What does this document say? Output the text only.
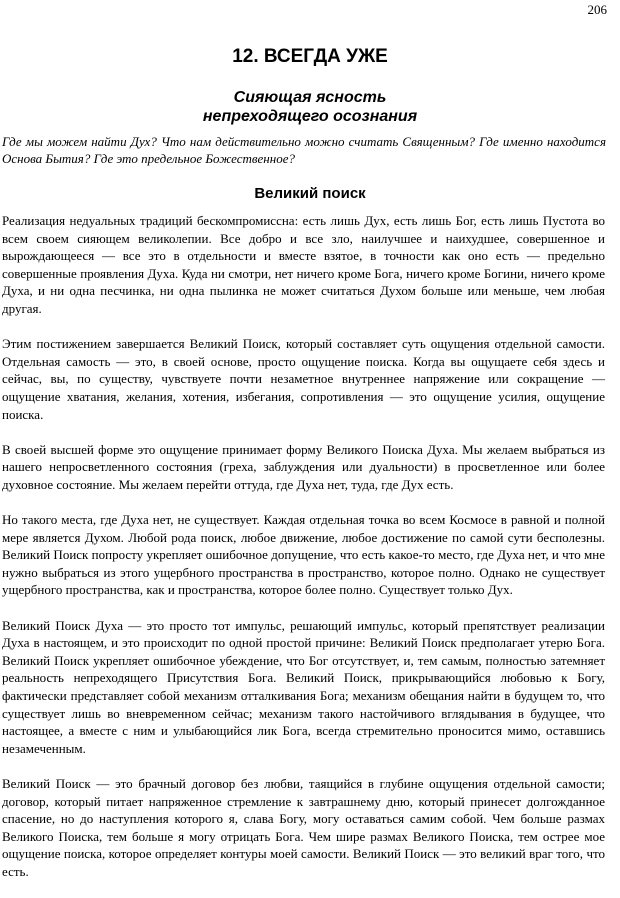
206
12. ВСЕГДА УЖЕ
Сияющая ясность
непреходящего осознания
Где мы можем найти Дух? Что нам действительно можно считать Священным? Где именно находится Основа Бытия? Где это предельное Божественное?
Великий поиск

Реализация недуальных традиций бескомпромиссна: есть лишь Дух, есть лишь Бог, есть лишь Пустота во всем своем сияющем великолепии. Все добро и все зло, наилучшее и наихудшее, совершенное и вырождающееся — все это в отдельности и вместе взятое, в точности как оно есть — предельно совершенные проявления Духа. Куда ни смотри, нет ничего кроме Бога, ничего кроме Богини, ничего кроме Духа, и ни одна песчинка, ни одна пылинка не может считаться Духом больше или меньше, чем любая другая.

Этим постижением завершается Великий Поиск, который составляет суть ощущения отдельной самости. Отдельная самость — это, в своей основе, просто ощущение поиска. Когда вы ощущаете себя здесь и сейчас, вы, по существу, чувствуете почти незаметное внутреннее напряжение или сокращение — ощущение хватания, желания, хотения, избегания, сопротивления — это ощущение усилия, ощущение поиска.

В своей высшей форме это ощущение принимает форму Великого Поиска Духа. Мы желаем выбраться из нашего непросветленного состояния (греха, заблуждения или дуальности) в просветленное или более духовное состояние. Мы желаем перейти оттуда, где Духа нет, туда, где Дух есть.

Но такого места, где Духа нет, не существует. Каждая отдельная точка во всем Космосе в равной и полной мере является Духом. Любой рода поиск, любое движение, любое достижение по самой сути бесполезны. Великий Поиск попросту укрепляет ошибочное допущение, что есть какое-то место, где Духа нет, и что мне нужно выбраться из этого ущербного пространства в пространство, которое полно. Однако не существует ущербного пространства, как и пространства, которое более полно. Существует только Дух.

Великий Поиск Духа — это просто тот импульс, решающий импульс, который препятствует реализации Духа в настоящем, и это происходит по одной простой причине: Великий Поиск предполагает утерю Бога. Великий Поиск укрепляет ошибочное убеждение, что Бог отсутствует, и, тем самым, полностью затемняет реальность непреходящего Присутствия Бога. Великий Поиск, прикрывающийся любовью к Богу, фактически представляет собой механизм отталкивания Бога; механизм обещания найти в будущем то, что существует лишь во вневременном сейчас; механизм такого настойчивого вглядывания в будущее, что настоящее, а вместе с ним и улыбающийся лик Бога, всегда стремительно проносится мимо, оставшись незамеченным.

Великий Поиск — это брачный договор без любви, таящийся в глубине ощущения отдельной самости; договор, который питает напряженное стремление к завтрашнему дню, который принесет долгожданное спасение, но до наступления которого я, слава Богу, могу оставаться самим собой. Чем больше размах Великого Поиска, тем больше я могу отрицать Бога. Чем шире размах Великого Поиска, тем острее мое ощущение поиска, которое определяет контуры моей самости. Великий Поиск — это великий враг того, что есть.
